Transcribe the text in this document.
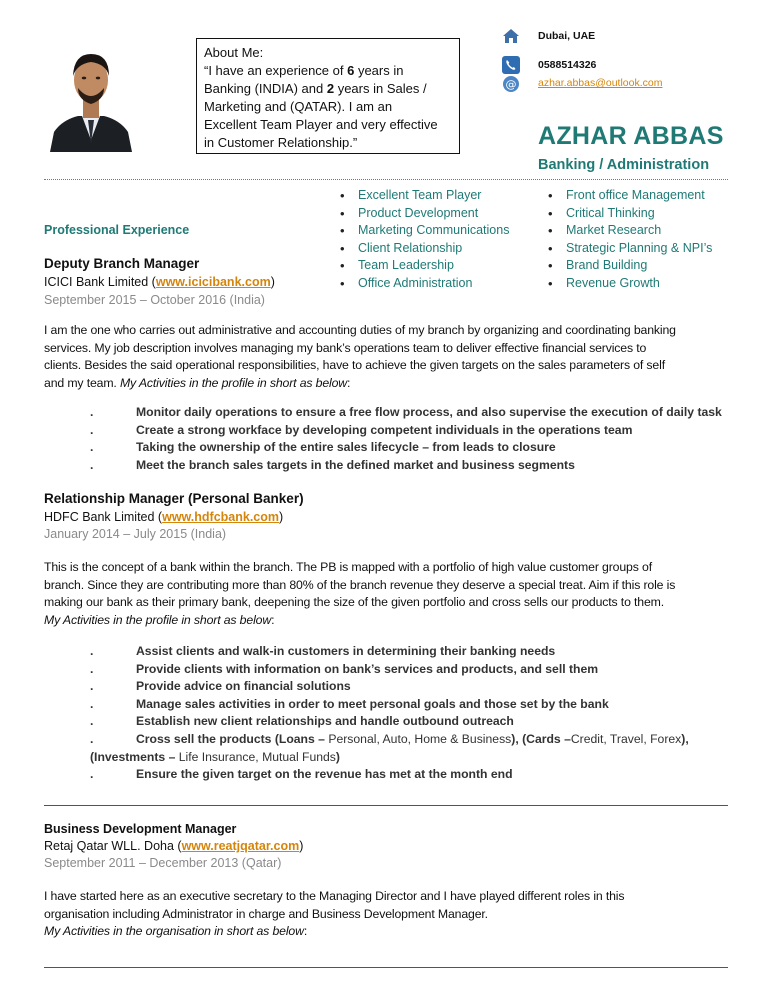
About Me:
“I have an experience of 6 years in
Banking (INDIA) and 2 years in Sales /
Marketing and (QATAR). I am an
Excellent Team Player and very effective
in Customer Relationship.”
Dubai, UAE
0588514326
@ azhar.abbas@outlook.com
AZHAR ABBAS
Banking / Administration
• Excellent Team Player
• Product Development
• Marketing Communications
• Client Relationship
• Team Leadership
• Office Administration
• Front office Management
• Critical Thinking
• Market Research
• Strategic Planning & NPI’s
• Brand Building
• Revenue Growth
Professional Experience
Deputy Branch Manager
ICICI Bank Limited (www.icicibank.com)
September 2015 – October 2016 (India)
I am the one who carries out administrative and accounting duties of my branch by organizing and coordinating banking
services. My job description involves managing my bank’s operations team to deliver effective financial services to
clients. Besides the said operational responsibilities, have to achieve the given targets on the sales parameters of self
and my team. My Activities in the profile in short as below:
.	Monitor daily operations to ensure a free flow process, and also supervise the execution of daily task
.	Create a strong workface by developing competent individuals in the operations team
.	Taking the ownership of the entire sales lifecycle – from leads to closure
.	Meet the branch sales targets in the defined market and business segments
Relationship Manager (Personal Banker)
HDFC Bank Limited (www.hdfcbank.com)
January 2014 – July 2015 (India)
This is the concept of a bank within the branch. The PB is mapped with a portfolio of high value customer groups of
branch. Since they are contributing more than 80% of the branch revenue they deserve a special treat. Aim if this role is
making our bank as their primary bank, deepening the size of the given portfolio and cross sells our products to them.
My Activities in the profile in short as below:
.	Assist clients and walk-in customers in determining their banking needs
.	Provide clients with information on bank’s services and products, and sell them
.	Provide advice on financial solutions
.	Manage sales activities in order to meet personal goals and those set by the bank
.	Establish new client relationships and handle outbound outreach
.	Cross sell the products (Loans – Personal, Auto, Home & Business), (Cards –Credit, Travel, Forex),
(Investments – Life Insurance, Mutual Funds)
.	Ensure the given target on the revenue has met at the month end
Business Development Manager
Retaj Qatar WLL. Doha (www.reatjqatar.com)
September 2011 – December 2013 (Qatar)
I have started here as an executive secretary to the Managing Director and I have played different roles in this
organisation including Administrator in charge and Business Development Manager.
My Activities in the organisation in short as below:
